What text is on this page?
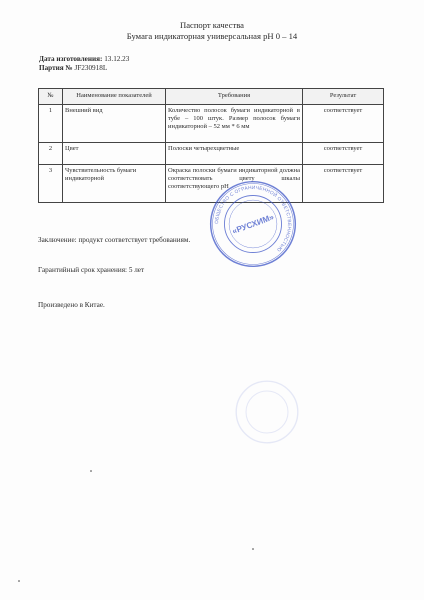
Паспорт качества
Бумага индикаторная универсальная pH 0 – 14
Дата изготовления: 13.12.23
Партия № JF230918L
№	Наименование показателей	Требования	Результат
1	Внешний вид	Количество полосок бумаги индикаторной в тубе – 100 штук. Размер полосок бумаги индикаторной – 52 мм * 6 мм	соответствует
2	Цвет	Полоски четырехцветные	соответствует
3	Чувствительность бумаги индикаторной	Окраска полоски бумаги индикаторной должна соответствовать цвету шкалы соответствующего pH	соответствует
Заключение: продукт соответствует требованиям.
Гарантийный срок хранения: 5 лет
Произведено в Китае.
ОБЩЕСТВО С ОГРАНИЧЕННОЙ ОТВЕТСТВЕННОСТЬЮ
«РУСХИМ»
